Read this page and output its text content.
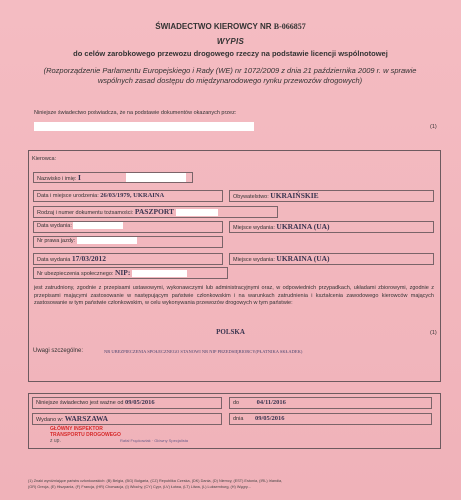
ŚWIADECTWO KIEROWCY NR B-066857
WYPIS
do celów zarobkowego przewozu drogowego rzeczy na podstawie licencji wspólnotowej
(Rozporządzenie Parlamentu Europejskiego i Rady (WE) nr 1072/2009 z dnia 21 października 2009 r. w sprawie wspólnych zasad dostępu do międzynarodowego rynku przewozów drogowych)
Niniejsze świadectwo poświadcza, że na podstawie dokumentów okazanych przez:
(1)
Kierowca:
Nazwisko i imię: I
Data i miejsce urodzenia: 26/03/1979, UKRAINA	Obywatelstwo: UKRAIŃSKIE
Rodzaj i numer dokumentu tożsamości: PASZPORT
Data wydania:	Miejsce wydania: UKRAINA (UA)
Nr prawa jazdy:
Data wydania 17/03/2012	Miejsce wydania: UKRAINA (UA)
Nr ubezpieczenia społecznego: NIP:
jest zatrudniony, zgodnie z przepisami ustawowymi, wykonawczymi lub administracyjnymi oraz, w odpowiednich przypadkach, układami zbiorowymi, zgodnie z przepisami mającymi zastosowanie w następującym państwie członkowskim i na warunkach zatrudnienia i kształcenia zawodowego kierowców mających zastosowanie w tym państwie członkowskim, w celu wykonywania przewozów drogowych w tym państwie:
POLSKA	(1)
Uwagi szczególne:	NR UBEZPIECZENIA SPOŁECZNEGO STANOWI NR NIP PRZEDSIĘBIORCY(PŁATNIKA SKŁADEK)
Niniejsze świadectwo jest ważne od 09/05/2016	do	04/11/2016
Wydano w: WARSZAWA	dnia 09/05/2016
GŁÓWNY INSPEKTOR
TRANSPORTU DROGOWEGO
z up.	Rafał Frąckowiak · Główny Specjalista
(1) Znaki wyróżniające państw członkowskich: (B) Belgia, (BG) Bułgaria, (CZ) Republika Czeska, (DK) Dania, (D) Niemcy, (EST) Estonia, (IRL) Irlandia,
(GR) Grecja, (E) Hiszpania, (F) Francja, (HR) Chorwacja, (I) Włochy, (CY) Cypr, (LV) Łotwa, (LT) Litwa, (L) Luksemburg, (H) Węgry...
